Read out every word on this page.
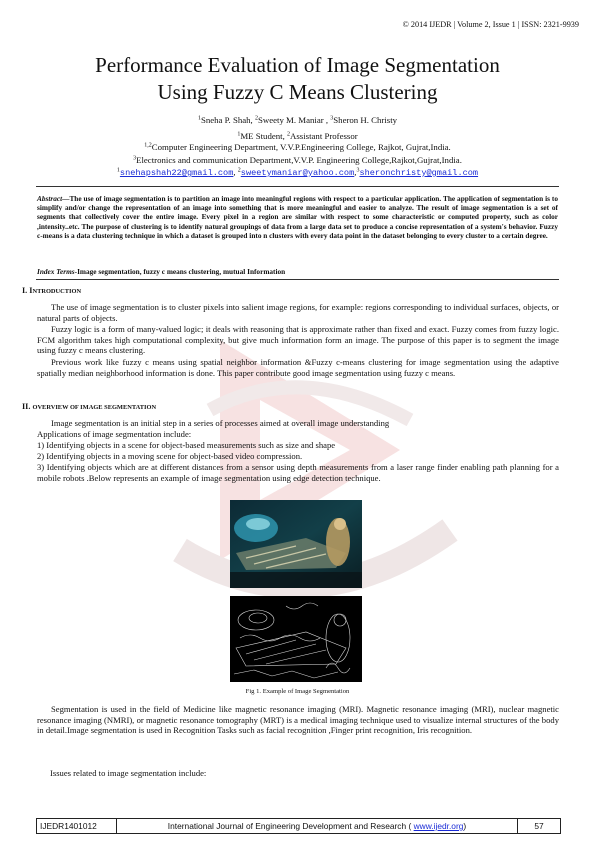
© 2014 IJEDR | Volume 2, Issue 1 | ISSN: 2321-9939
Performance Evaluation of Image Segmentation
Using Fuzzy C Means Clustering
$^1$Sneha P. Shah, $^2$Sweety M. Maniar , $^3$Sheron H. Christy
$^1$ME Student, $^2$Assistant Professor
$^{1,2}$Computer Engineering Department, V.V.P.Engineering College, Rajkot, Gujrat,India.
$^3$Electronics and communication Department,V.V.P. Engineering College,Rajkot,Gujrat,India.
$^1$snehapshah22@gmail.com, $^2$sweetymaniar@yahoo.com,$^3$sheronchristy@gmail.com
Abstract—The use of image segmentation is to partition an image into meaningful regions with respect to a particular application. The application of segmentation is to simplify and/or change the representation of an image into something that is more meaningful and easier to analyze. The result of image segmentation is a set of segments that collectively cover the entire image. Every pixel in a region are similar with respect to some characteristic or computed property, such as color ,intensity..etc. The purpose of clustering is to identify natural groupings of data from a large data set to produce a concise representation of a system's behavior. Fuzzy c-means is a data clustering technique in which a dataset is grouped into n clusters with every data point in the dataset belonging to every cluster to a certain degree.
Index Terms-Image segmentation, fuzzy c means clustering, mutual Information
I. INTRODUCTION
The use of image segmentation is to cluster pixels into salient image regions, for example: regions corresponding to individual surfaces, objects, or natural parts of objects.
Fuzzy logic is a form of many-valued logic; it deals with reasoning that is approximate rather than fixed and exact. Fuzzy comes from fuzzy logic. FCM algorithm takes high computational complexity, but give much information form an image. The purpose of this paper is to segment the image using fuzzy c means clustering.
Previous work like fuzzy c means using spatial neighbor information &Fuzzy c-means clustering for image segmentation using the adaptive spatially median neighborhood information is done. This paper contribute good image segmentation using fuzzy c means.
II. OVERVIEW OF IMAGE SEGMENTATION
Image segmentation is an initial step in a series of processes aimed at overall image understanding
Applications of image segmentation include:
1) Identifying objects in a scene for object-based measurements such as size and shape
2) Identifying objects in a moving scene for object-based video compression.
3) Identifying objects which are at different distances from a sensor using depth measurements from a laser range finder enabling path planning for a mobile robots .Below represents an example of image segmentation using edge detection technique.
Fig 1. Example of Image Segmentation
Segmentation is used in the field of Medicine like magnetic resonance imaging (MRI). Magnetic resonance imaging (MRI), nuclear magnetic resonance imaging (NMRI), or magnetic resonance tomography (MRT) is a medical imaging technique used to visualize internal structures of the body in detail.Image segmentation is used in Recognition Tasks such as facial recognition ,Finger print recognition, Iris recognition.
Issues related to image segmentation include:
IJEDR1401012	International Journal of Engineering Development and Research ( www.ijedr.org)	57
